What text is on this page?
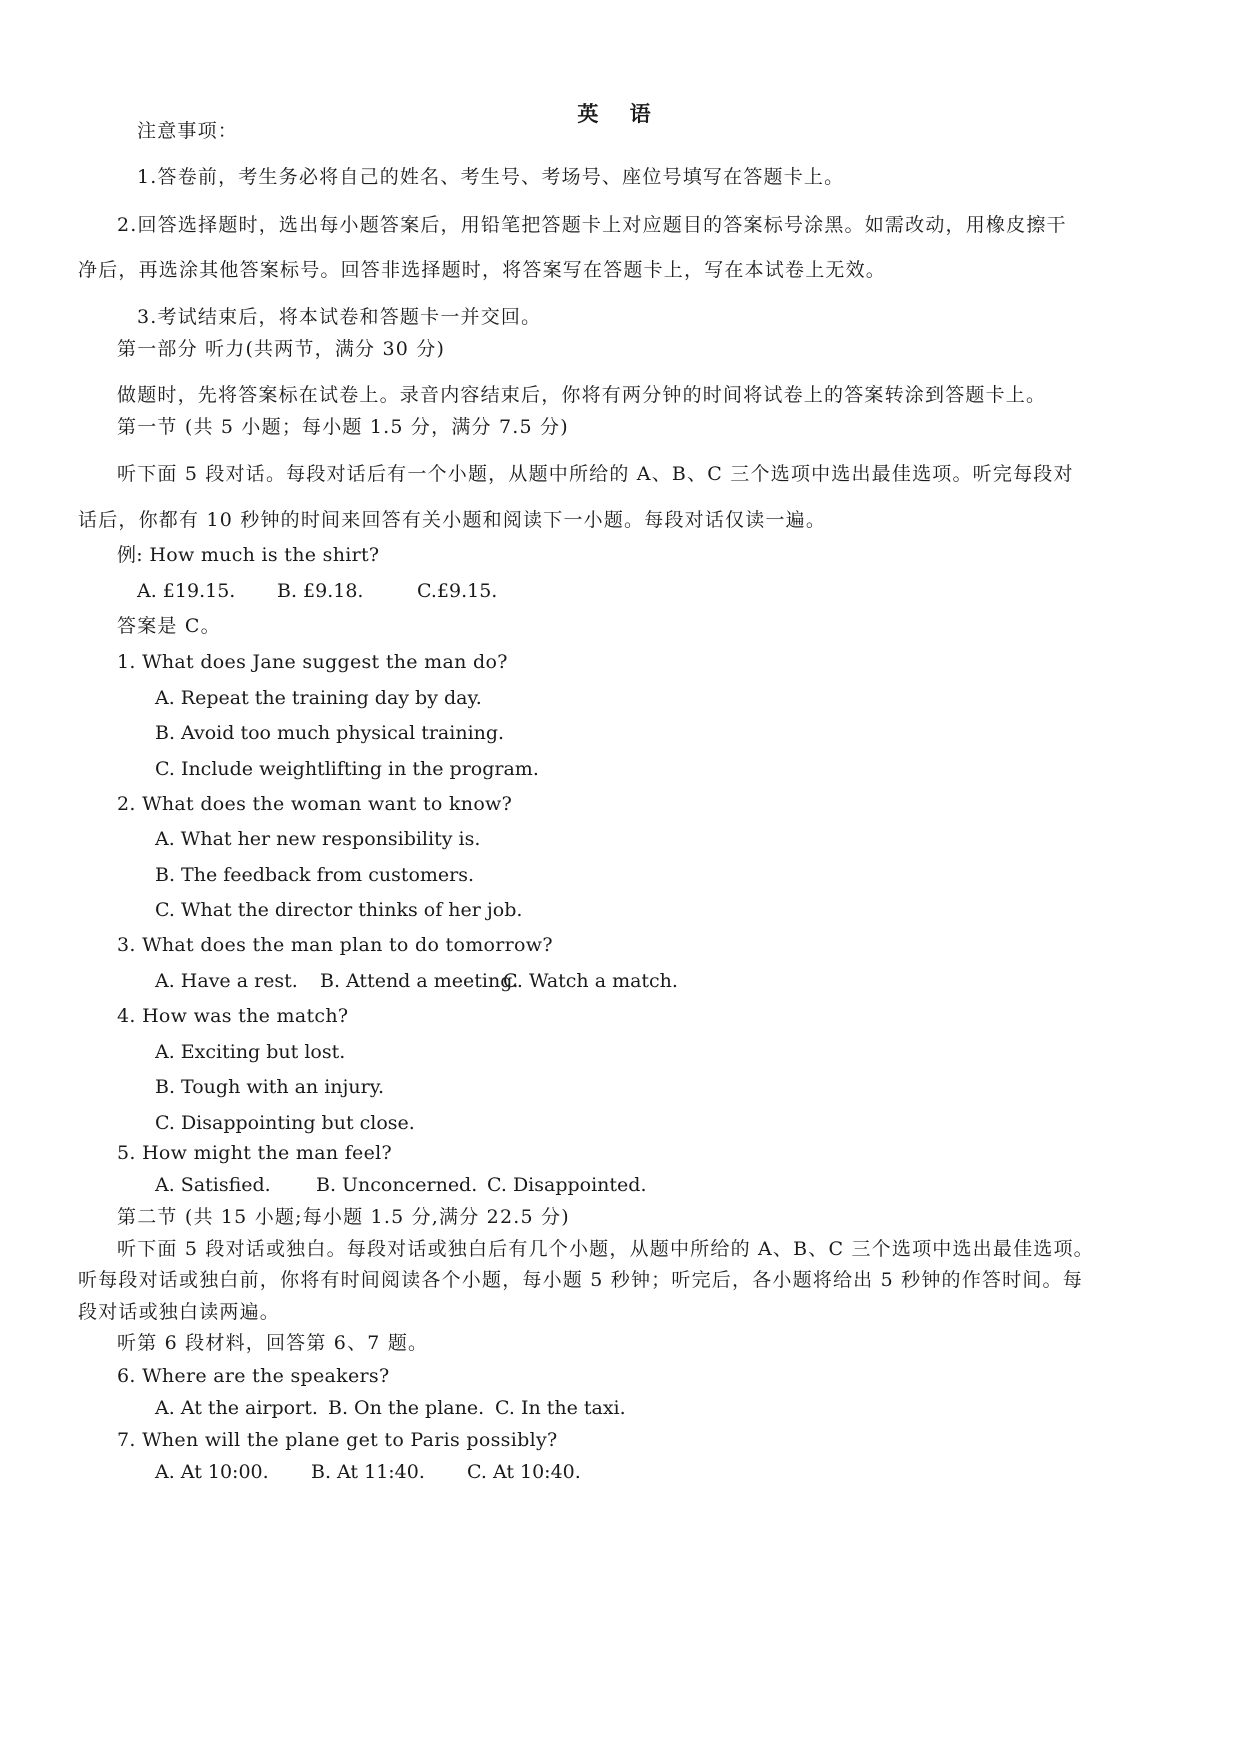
英 语
注意事项：
1.答卷前，考生务必将自己的姓名、考生号、考场号、座位号填写在答题卡上。
2.回答选择题时，选出每小题答案后，用铅笔把答题卡上对应题目的答案标号涂黑。如需改动，用橡皮擦干
净后，再选涂其他答案标号。回答非选择题时，将答案写在答题卡上，写在本试卷上无效。
3.考试结束后，将本试卷和答题卡一并交回。
第一部分 听力(共两节，满分 30 分)
做题时，先将答案标在试卷上。录音内容结束后，你将有两分钟的时间将试卷上的答案转涂到答题卡上。
第一节 (共 5 小题；每小题 1.5 分，满分 7.5 分)
听下面 5 段对话。每段对话后有一个小题，从题中所给的 A、B、C 三个选项中选出最佳选项。听完每段对
话后，你都有 10 秒钟的时间来回答有关小题和阅读下一小题。每段对话仅读一遍。
例: How much is the shirt?
A. £19.15. B. £9.18.	C.£9.15.
答案是 C。
1. What does Jane suggest the man do?
A. Repeat the training day by day.
B. Avoid too much physical training.
C. Include weightlifting in the program.
2. What does the woman want to know?
A. What her new responsibility is.
B. The feedback from customers.
C. What the director thinks of her job.
3. What does the man plan to do tomorrow?
A. Have a rest. B. Attend a meeting.
C. Watch a match.
4. How was the match?
A. Exciting but lost.
B. Tough with an injury.
C. Disappointing but close.
5. How might the man feel?
A. Satisfied. B. Unconcerned. C. Disappointed.
第二节 (共 15 小题;每小题 1.5 分,满分 22.5 分)
听下面 5 段对话或独白。每段对话或独白后有几个小题，从题中所给的 A、B、C 三个选项中选出最佳选项。
听每段对话或独白前，你将有时间阅读各个小题，每小题 5 秒钟；听完后，各小题将给出 5 秒钟的作答时间。每
段对话或独白读两遍。
听第 6 段材料，回答第 6、7 题。
6. Where are the speakers?
A. At the airport. B. On the plane. C. In the taxi.
7. When will the plane get to Paris possibly?
A. At 10:00. B. At 11:40. C. At 10:40.
